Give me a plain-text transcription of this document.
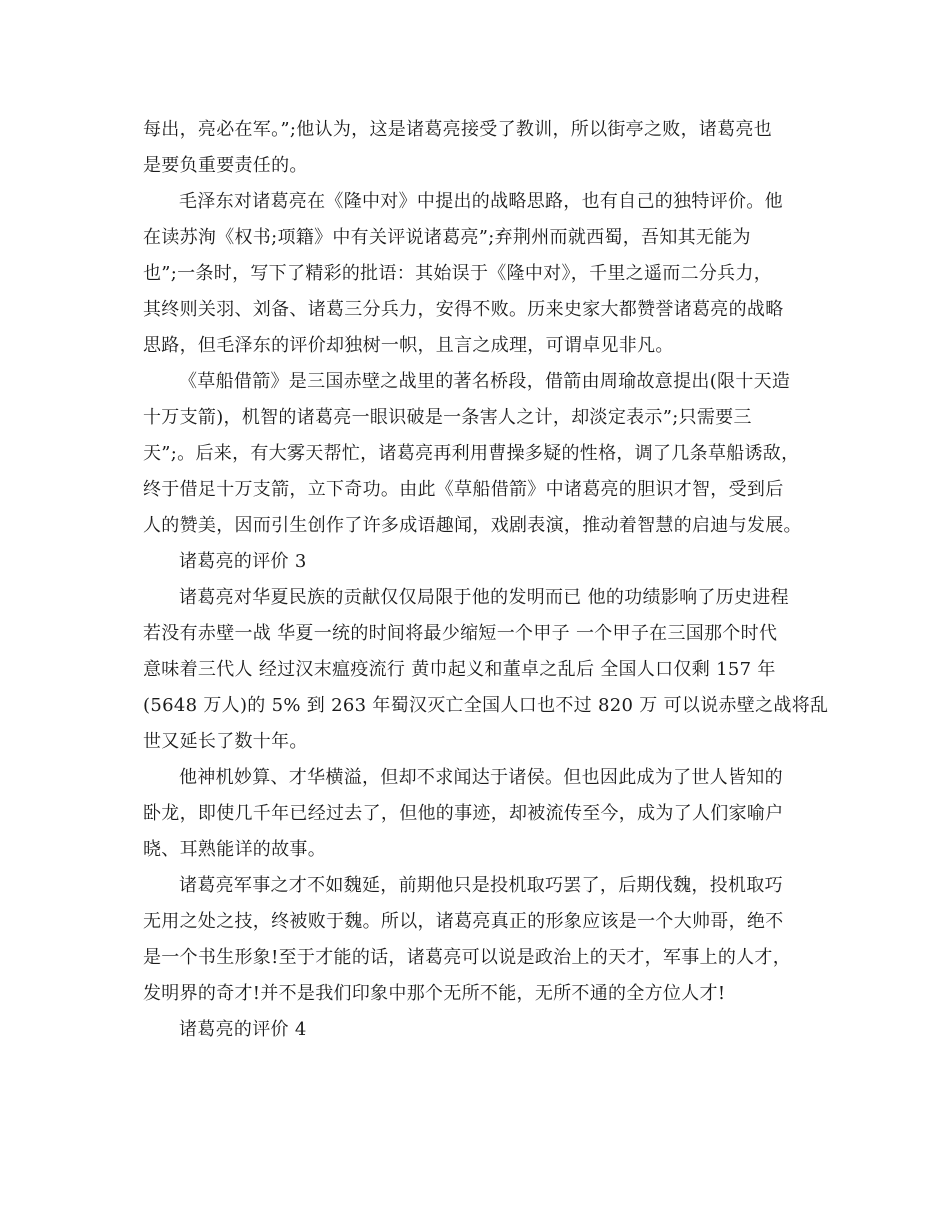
每出，亮必在军。”;他认为，这是诸葛亮接受了教训，所以街亭之败，诸葛亮也
是要负重要责任的。
毛泽东对诸葛亮在《隆中对》中提出的战略思路，也有自己的独特评价。他
在读苏洵《权书;项籍》中有关评说诸葛亮”;弃荆州而就西蜀，吾知其无能为
也”;一条时，写下了精彩的批语：其始误于《隆中对》，千里之遥而二分兵力，
其终则关羽、刘备、诸葛三分兵力，安得不败。历来史家大都赞誉诸葛亮的战略
思路，但毛泽东的评价却独树一帜，且言之成理，可谓卓见非凡。
《草船借箭》是三国赤壁之战里的著名桥段，借箭由周瑜故意提出(限十天造
十万支箭)，机智的诸葛亮一眼识破是一条害人之计，却淡定表示”;只需要三
天”;。后来，有大雾天帮忙，诸葛亮再利用曹操多疑的性格，调了几条草船诱敌，
终于借足十万支箭，立下奇功。由此《草船借箭》中诸葛亮的胆识才智，受到后
人的赞美，因而引生创作了许多成语趣闻，戏剧表演，推动着智慧的启迪与发展。
诸葛亮的评价 3
诸葛亮对华夏民族的贡献仅仅局限于他的发明而已 他的功绩影响了历史进程
若没有赤壁一战 华夏一统的时间将最少缩短一个甲子 一个甲子在三国那个时代
意味着三代人 经过汉末瘟疫流行 黄巾起义和董卓之乱后 全国人口仅剩 157 年
(5648 万人)的 5% 到 263 年蜀汉灭亡全国人口也不过 820 万 可以说赤壁之战将乱
世又延长了数十年。
他神机妙算、才华横溢，但却不求闻达于诸侯。但也因此成为了世人皆知的
卧龙，即使几千年已经过去了，但他的事迹，却被流传至今，成为了人们家喻户
晓、耳熟能详的故事。
诸葛亮军事之才不如魏延，前期他只是投机取巧罢了，后期伐魏，投机取巧
无用之处之技，终被败于魏。所以，诸葛亮真正的形象应该是一个大帅哥，绝不
是一个书生形象!至于才能的话，诸葛亮可以说是政治上的天才，军事上的人才，
发明界的奇才!并不是我们印象中那个无所不能，无所不通的全方位人才!
诸葛亮的评价 4
